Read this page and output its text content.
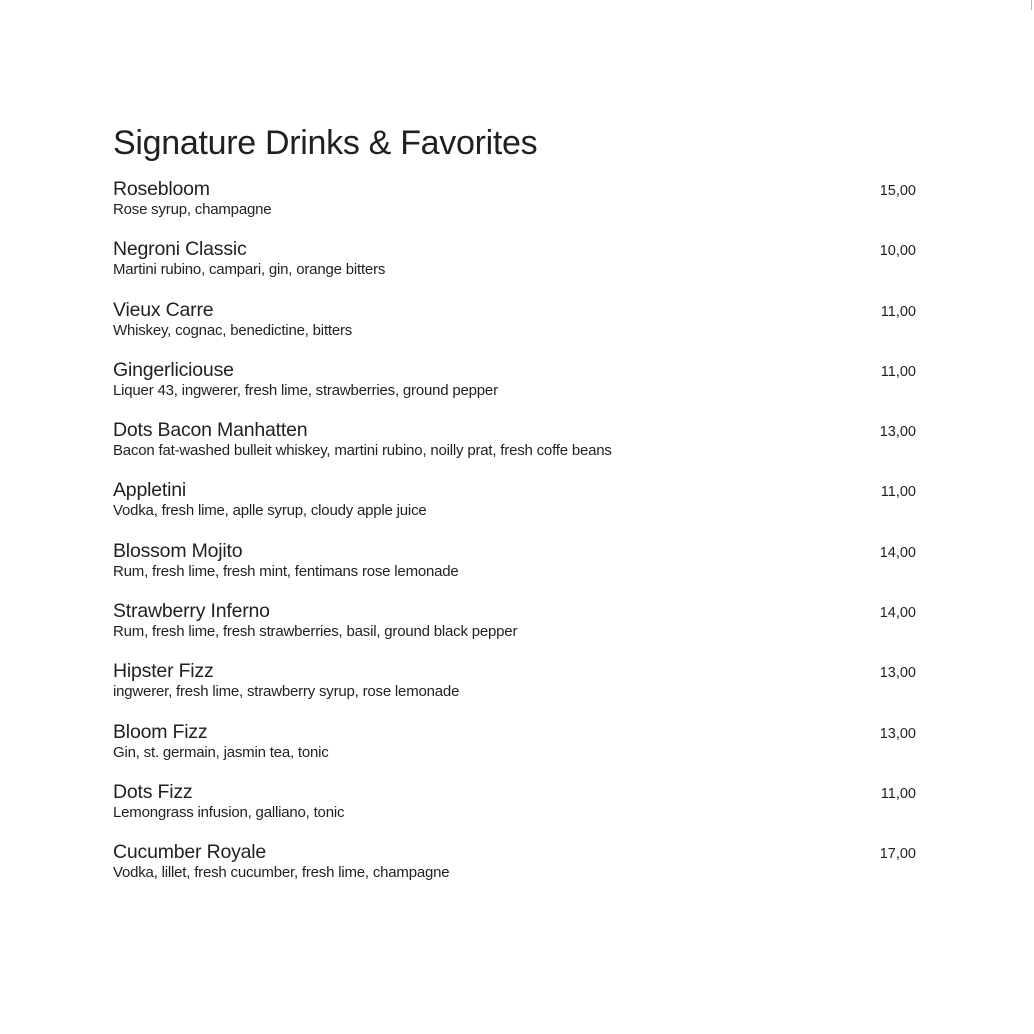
Signature Drinks & Favorites
Rosebloom
Rose syrup, champagne
15,00
Negroni Classic
Martini rubino, campari, gin, orange bitters
10,00
Vieux Carre
Whiskey, cognac, benedictine, bitters
11,00
Gingerliciouse
Liquer 43, ingwerer, fresh lime, strawberries, ground pepper
11,00
Dots Bacon Manhatten
Bacon fat-washed bulleit whiskey, martini rubino, noilly prat, fresh coffe beans
13,00
Appletini
Vodka, fresh lime, aplle syrup, cloudy apple juice
11,00
Blossom Mojito
Rum, fresh lime, fresh mint, fentimans rose lemonade
14,00
Strawberry Inferno
Rum, fresh lime, fresh strawberries, basil, ground black pepper
14,00
Hipster Fizz
ingwerer, fresh lime, strawberry syrup, rose lemonade
13,00
Bloom Fizz
Gin, st. germain, jasmin tea, tonic
13,00
Dots Fizz
Lemongrass infusion, galliano, tonic
11,00
Cucumber Royale
Vodka, lillet, fresh cucumber, fresh lime, champagne
17,00
